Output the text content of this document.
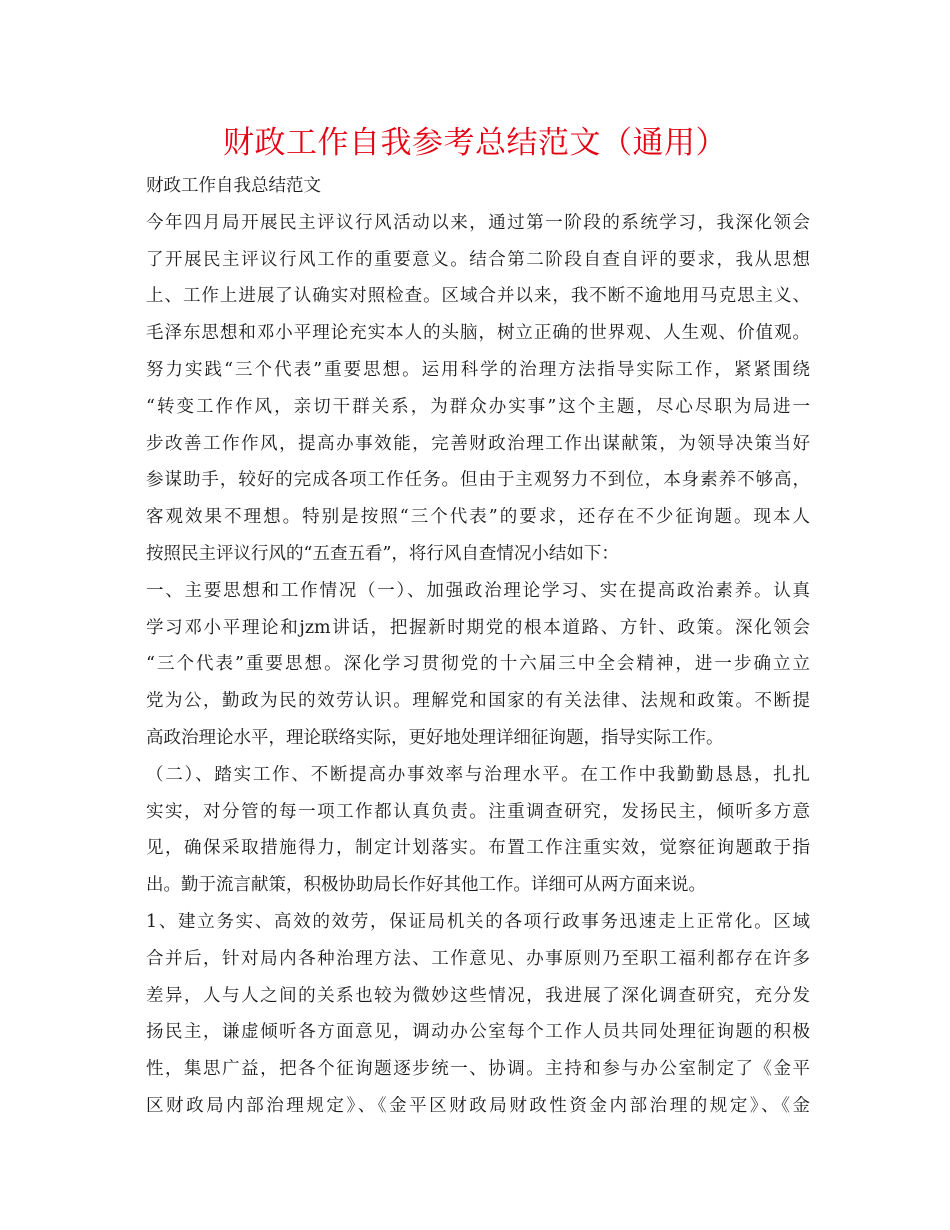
财政工作自我参考总结范文（通用）
财政工作自我总结范文
今年四月局开展民主评议行风活动以来，通过第一阶段的系统学习，我深化领会
了开展民主评议行风工作的重要意义。结合第二阶段自查自评的要求，我从思想
上、工作上进展了认确实对照检查。区域合并以来，我不断不逾地用马克思主义、
毛泽东思想和邓小平理论充实本人的头脑，树立正确的世界观、人生观、价值观。
努力实践“三个代表”重要思想。运用科学的治理方法指导实际工作，紧紧围绕
“转变工作作风，亲切干群关系，为群众办实事”这个主题，尽心尽职为局进一
步改善工作作风，提高办事效能，完善财政治理工作出谋献策，为领导决策当好
参谋助手，较好的完成各项工作任务。但由于主观努力不到位，本身素养不够高，
客观效果不理想。特别是按照“三个代表”的要求，还存在不少征询题。现本人
按照民主评议行风的“五查五看”，将行风自查情况小结如下：
一、主要思想和工作情况（一）、加强政治理论学习、实在提高政治素养。认真
学习邓小平理论和jzm讲话，把握新时期党的根本道路、方针、政策。深化领会
“三个代表”重要思想。深化学习贯彻党的十六届三中全会精神，进一步确立立
党为公，勤政为民的效劳认识。理解党和国家的有关法律、法规和政策。不断提
高政治理论水平，理论联络实际，更好地处理详细征询题，指导实际工作。
（二）、踏实工作、不断提高办事效率与治理水平。在工作中我勤勤恳恳，扎扎
实实，对分管的每一项工作都认真负责。注重调查研究，发扬民主，倾听多方意
见，确保采取措施得力，制定计划落实。布置工作注重实效，觉察征询题敢于指
出。勤于流言献策，积极协助局长作好其他工作。详细可从两方面来说。
1、建立务实、高效的效劳，保证局机关的各项行政事务迅速走上正常化。区域
合并后，针对局内各种治理方法、工作意见、办事原则乃至职工福利都存在许多
差异，人与人之间的关系也较为微妙这些情况，我进展了深化调查研究，充分发
扬民主，谦虚倾听各方面意见，调动办公室每个工作人员共同处理征询题的积极
性，集思广益，把各个征询题逐步统一、协调。主持和参与办公室制定了《金平
区财政局内部治理规定》、《金平区财政局财政性资金内部治理的规定》、《金
